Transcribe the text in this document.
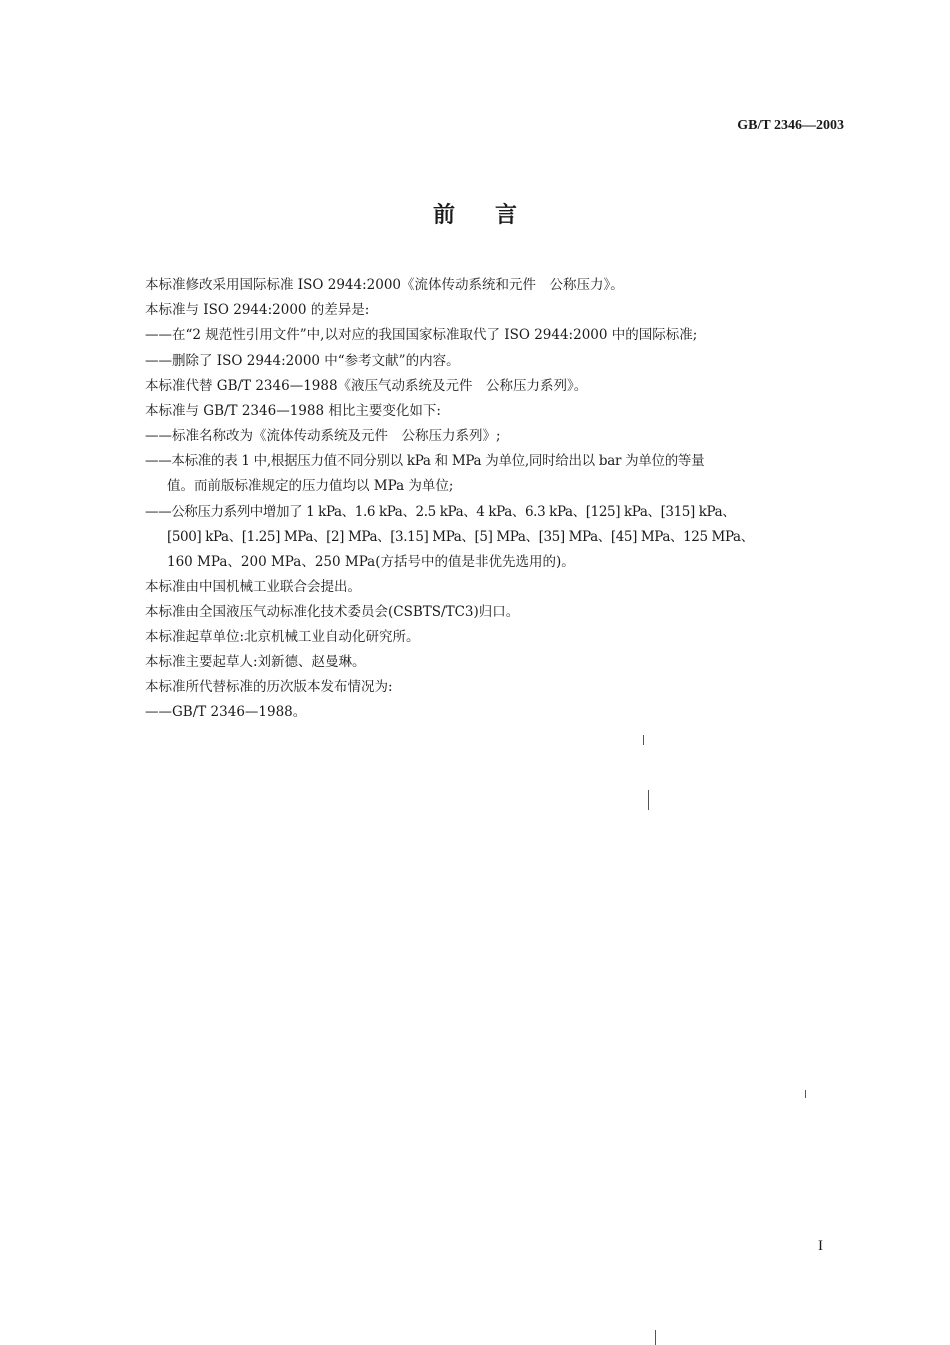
GB/T 2346—2003
前言
本标准修改采用国际标准 ISO 2944:2000《流体传动系统和元件　公称压力》。
本标准与 ISO 2944:2000 的差异是:
——在“2 规范性引用文件”中,以对应的我国国家标准取代了 ISO 2944:2000 中的国际标准;
——删除了 ISO 2944:2000 中“参考文献”的内容。
本标准代替 GB/T 2346—1988《液压气动系统及元件　公称压力系列》。
本标准与 GB/T 2346—1988 相比主要变化如下:
——标准名称改为《流体传动系统及元件　公称压力系列》;
——本标准的表 1 中,根据压力值不同分别以 kPa 和 MPa 为单位,同时给出以 bar 为单位的等量
值。而前版标准规定的压力值均以 MPa 为单位;
——公称压力系列中增加了 1 kPa、1.6 kPa、2.5 kPa、4 kPa、6.3 kPa、[125] kPa、[315] kPa、
[500] kPa、[1.25] MPa、[2] MPa、[3.15] MPa、[5] MPa、[35] MPa、[45] MPa、125 MPa、
160 MPa、200 MPa、250 MPa(方括号中的值是非优先选用的)。
本标准由中国机械工业联合会提出。
本标准由全国液压气动标准化技术委员会(CSBTS/TC3)归口。
本标准起草单位:北京机械工业自动化研究所。
本标准主要起草人:刘新德、赵曼琳。
本标准所代替标准的历次版本发布情况为:
——GB/T 2346—1988。
I
